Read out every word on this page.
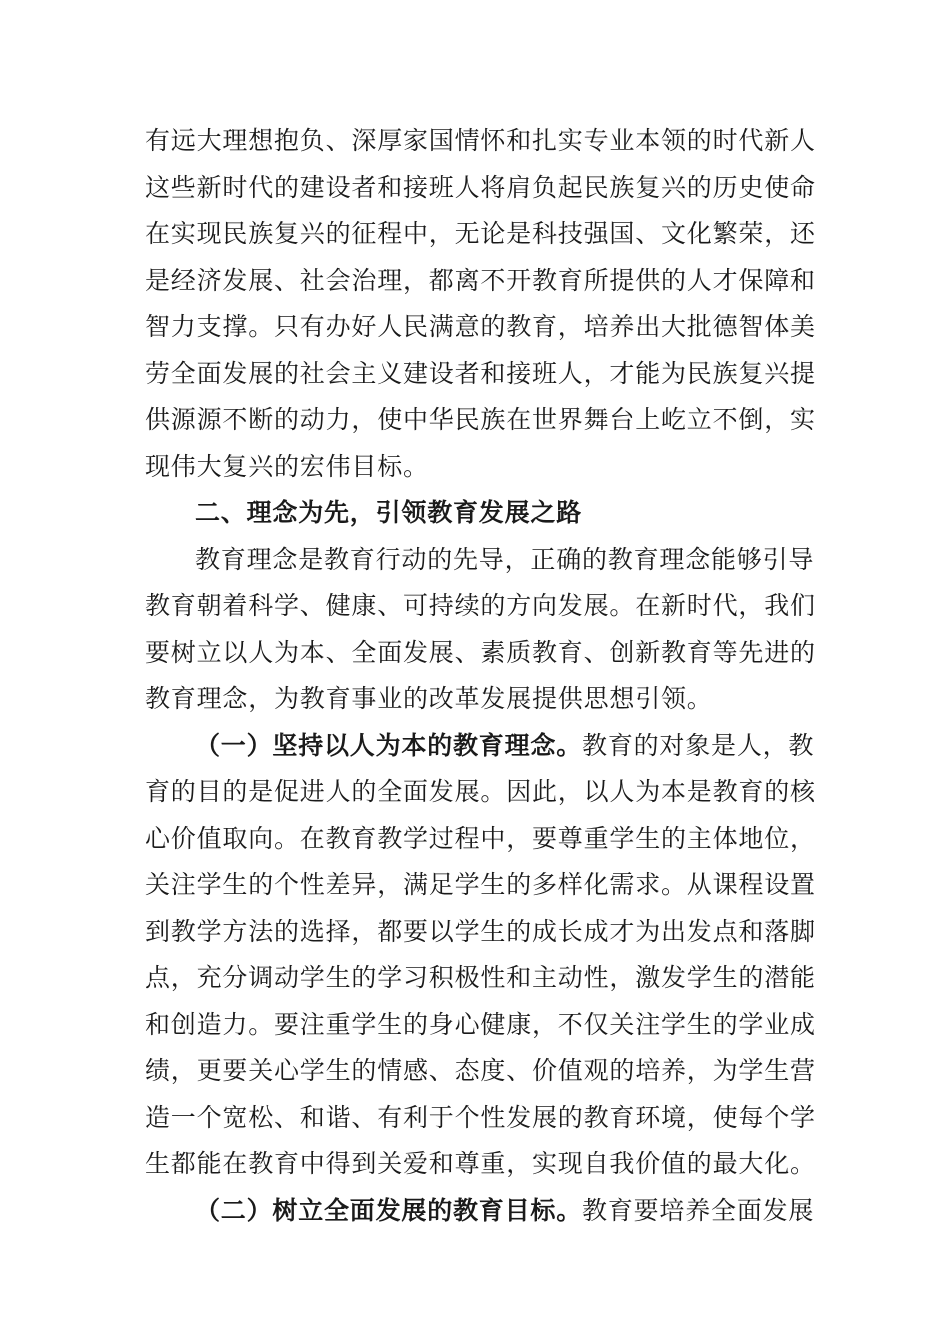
有远大理想抱负、深厚家国情怀和扎实专业本领的时代新人
这些新时代的建设者和接班人将肩负起民族复兴的历史使命
在实现民族复兴的征程中，无论是科技强国、文化繁荣，还
是经济发展、社会治理，都离不开教育所提供的人才保障和
智力支撑。只有办好人民满意的教育，培养出大批德智体美
劳全面发展的社会主义建设者和接班人，才能为民族复兴提
供源源不断的动力，使中华民族在世界舞台上屹立不倒，实
现伟大复兴的宏伟目标。
二、理念为先，引领教育发展之路
教育理念是教育行动的先导，正确的教育理念能够引导
教育朝着科学、健康、可持续的方向发展。在新时代，我们
要树立以人为本、全面发展、素质教育、创新教育等先进的
教育理念，为教育事业的改革发展提供思想引领。
（一）坚持以人为本的教育理念。教育的对象是人，教
育的目的是促进人的全面发展。因此，以人为本是教育的核
心价值取向。在教育教学过程中，要尊重学生的主体地位，
关注学生的个性差异，满足学生的多样化需求。从课程设置
到教学方法的选择，都要以学生的成长成才为出发点和落脚
点，充分调动学生的学习积极性和主动性，激发学生的潜能
和创造力。要注重学生的身心健康，不仅关注学生的学业成
绩，更要关心学生的情感、态度、价值观的培养，为学生营
造一个宽松、和谐、有利于个性发展的教育环境，使每个学
生都能在教育中得到关爱和尊重，实现自我价值的最大化。
（二）树立全面发展的教育目标。教育要培养全面发展
